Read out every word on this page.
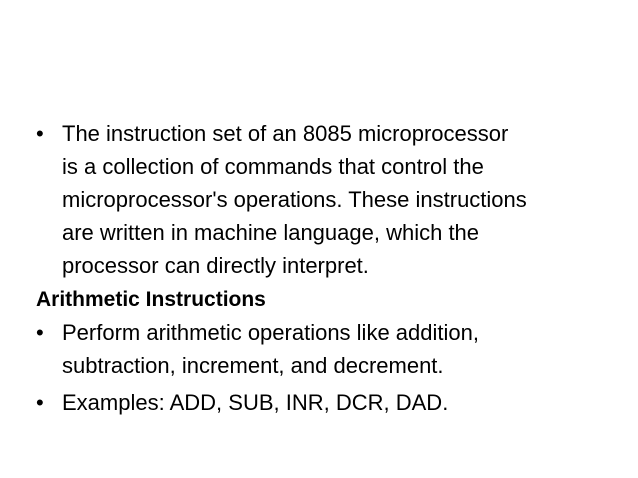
• The instruction set of an 8085 microprocessor
is a collection of commands that control the
microprocessor's operations. These instructions
are written in machine language, which the
processor can directly interpret.
Arithmetic Instructions
• Perform arithmetic operations like addition,
subtraction, increment, and decrement.
• Examples: ADD, SUB, INR, DCR, DAD.
